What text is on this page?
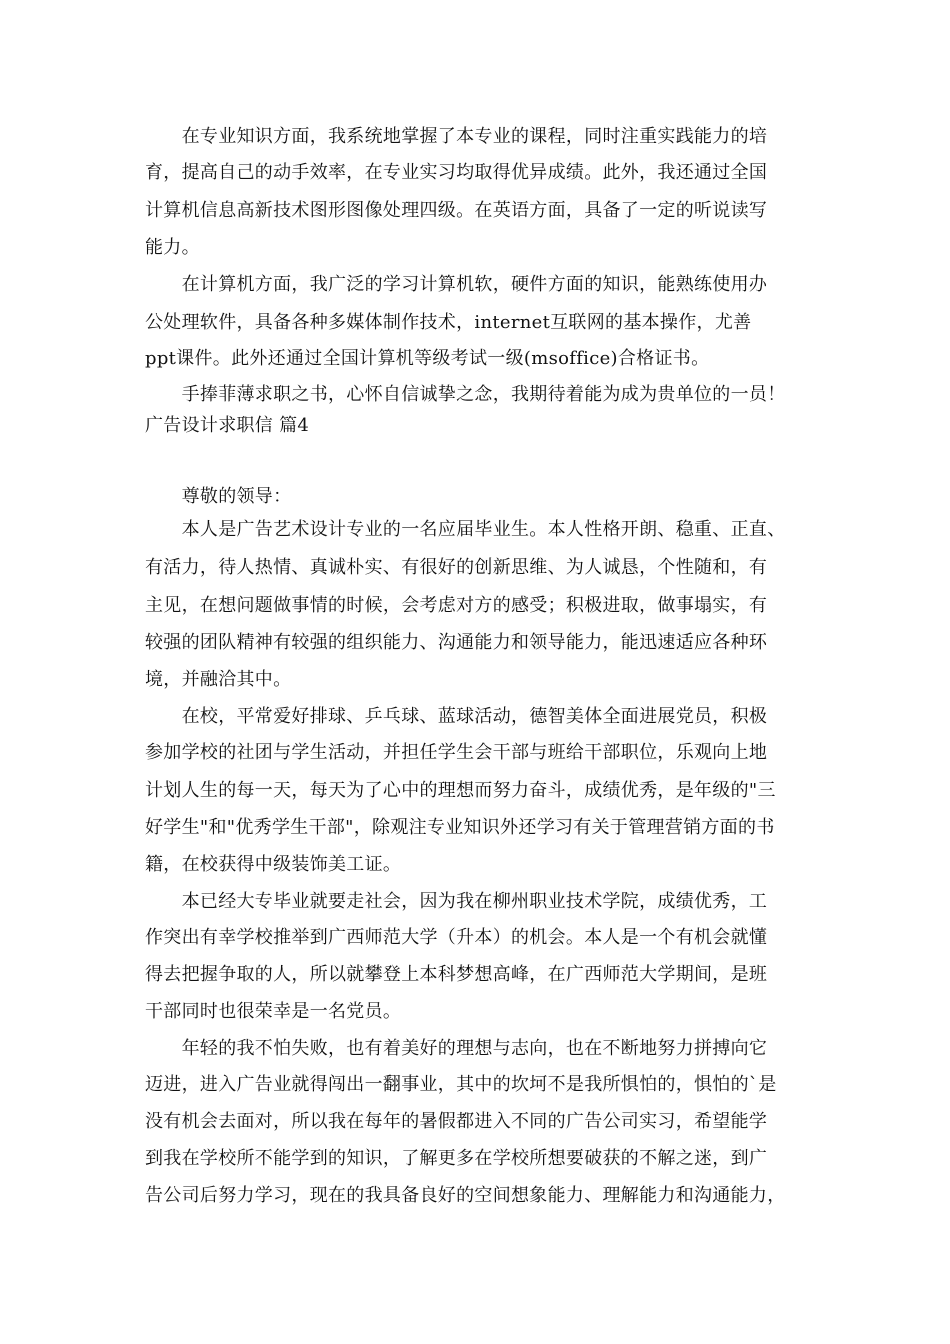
　　在专业知识方面，我系统地掌握了本专业的课程，同时注重实践能力的培
育，提高自己的动手效率，在专业实习均取得优异成绩。此外，我还通过全国
计算机信息高新技术图形图像处理四级。在英语方面，具备了一定的听说读写
能力。
　　在计算机方面，我广泛的学习计算机软，硬件方面的知识，能熟练使用办
公处理软件，具备各种多媒体制作技术，internet互联网的基本操作，尤善
ppt课件。此外还通过全国计算机等级考试一级(msoffice)合格证书。
　　手捧菲薄求职之书，心怀自信诚挚之念，我期待着能为成为贵单位的一员！
广告设计求职信 篇4
　　尊敬的领导：
　　本人是广告艺术设计专业的一名应届毕业生。本人性格开朗、稳重、正直、
有活力，待人热情、真诚朴实、有很好的创新思维、为人诚恳，个性随和，有
主见，在想问题做事情的时候，会考虑对方的感受；积极进取，做事塌实，有
较强的团队精神有较强的组织能力、沟通能力和领导能力，能迅速适应各种环
境，并融洽其中。
　　在校，平常爱好排球、乒乓球、蓝球活动，德智美体全面进展党员，积极
参加学校的社团与学生活动，并担任学生会干部与班给干部职位，乐观向上地
计划人生的每一天，每天为了心中的理想而努力奋斗，成绩优秀，是年级的"三
好学生"和"优秀学生干部"，除观注专业知识外还学习有关于管理营销方面的书
籍，在校获得中级装饰美工证。
　　本已经大专毕业就要走社会，因为我在柳州职业技术学院，成绩优秀，工
作突出有幸学校推举到广西师范大学（升本）的机会。本人是一个有机会就懂
得去把握争取的人，所以就攀登上本科梦想高峰，在广西师范大学期间，是班
干部同时也很荣幸是一名党员。
　　年轻的我不怕失败，也有着美好的理想与志向，也在不断地努力拼搏向它
迈进，进入广告业就得闯出一翻事业，其中的坎坷不是我所惧怕的，惧怕的`是
没有机会去面对，所以我在每年的暑假都进入不同的广告公司实习，希望能学
到我在学校所不能学到的知识，了解更多在学校所想要破获的不解之迷，到广
告公司后努力学习，现在的我具备良好的空间想象能力、理解能力和沟通能力，
